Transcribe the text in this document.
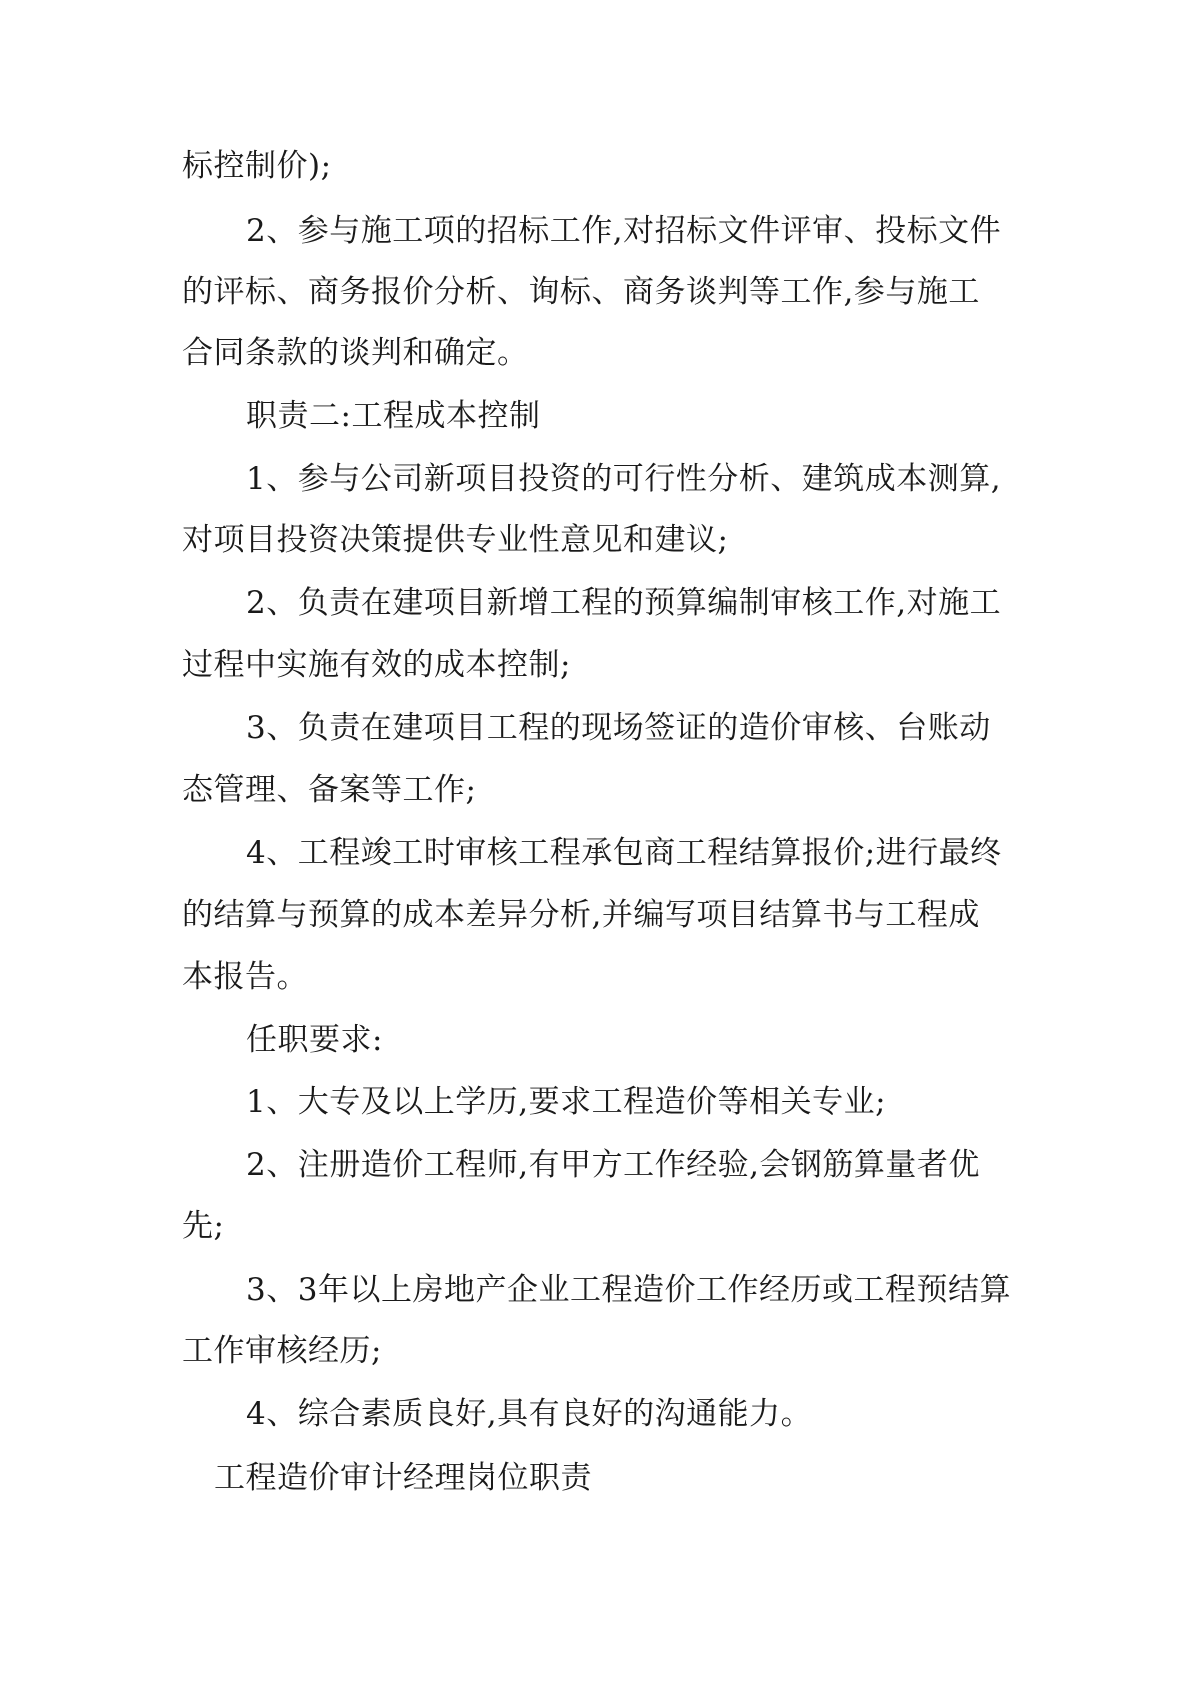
标控制价);
2、参与施工项的招标工作,对招标文件评审、投标文件
的评标、商务报价分析、询标、商务谈判等工作,参与施工
合同条款的谈判和确定。
职责二:工程成本控制
1、参与公司新项目投资的可行性分析、建筑成本测算,
对项目投资决策提供专业性意见和建议;
2、负责在建项目新增工程的预算编制审核工作,对施工
过程中实施有效的成本控制;
3、负责在建项目工程的现场签证的造价审核、台账动
态管理、备案等工作;
4、工程竣工时审核工程承包商工程结算报价;进行最终
的结算与预算的成本差异分析,并编写项目结算书与工程成
本报告。
任职要求:
1、大专及以上学历,要求工程造价等相关专业;
2、注册造价工程师,有甲方工作经验,会钢筋算量者优
先;
3、3年以上房地产企业工程造价工作经历或工程预结算
工作审核经历;
4、综合素质良好,具有良好的沟通能力。
工程造价审计经理岗位职责
